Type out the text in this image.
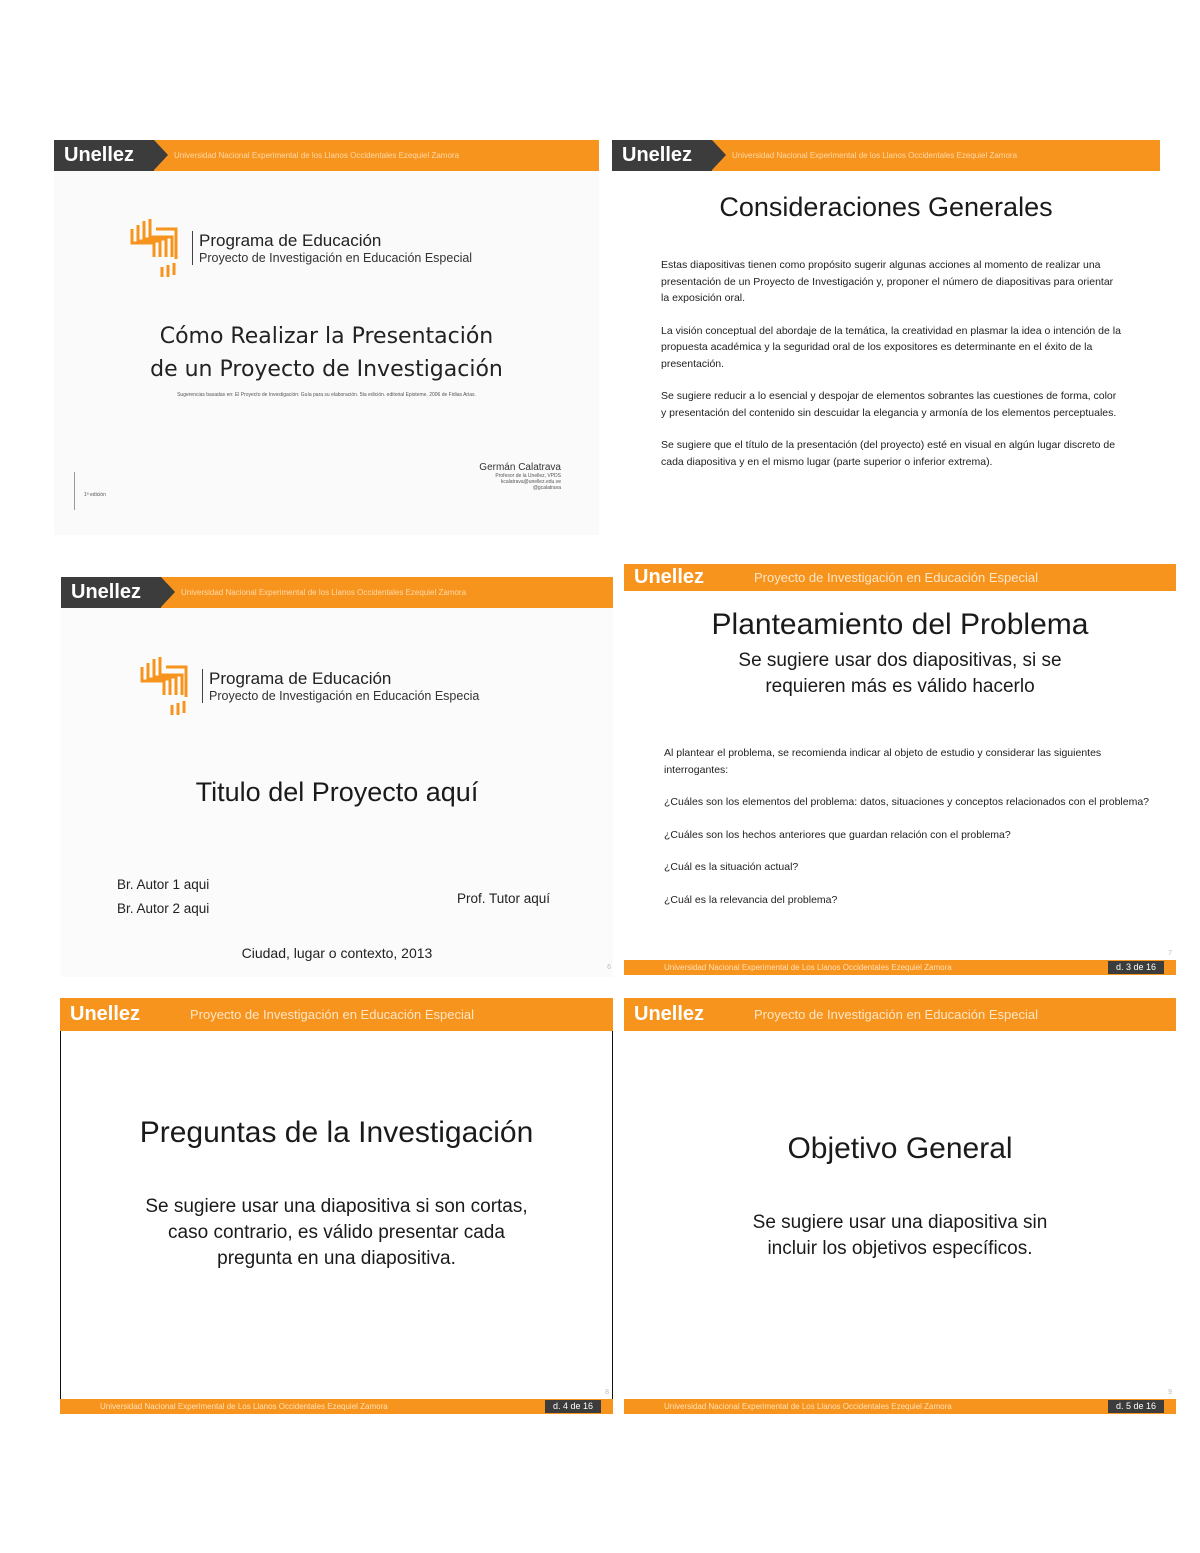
Unellez	Universidad Nacional Experimental de los Llanos Occidentales Ezequiel Zamora
Programa de Educación
Proyecto de Investigación en Educación Especial
Cómo Realizar la Presentación
de un Proyecto de Investigación
Sugerencias basadas en: El Proyecto de Investigación: Guía para su elaboración. 5ta edición. editorial Episteme. 2006 de Fidias Arias.
1ª edición
Germán Calatrava
Profesor de la Unellez, VPDS
kcalatrava@unellez.edu.ve
@gcalatrava
Unellez	Universidad Nacional Experimental de los Llanos Occidentales Ezequiel Zamora
Consideraciones Generales

Estas diapositivas tienen como propósito sugerir algunas acciones al momento de realizar una presentación de un Proyecto de Investigación y, proponer el número de diapositivas para orientar la exposición oral.

La visión conceptual del abordaje de la temática, la creatividad en plasmar la idea o intención de la propuesta académica y la seguridad oral de los expositores es determinante en el éxito de la presentación.

Se sugiere reducir a lo esencial y despojar de elementos sobrantes las cuestiones de forma, color y presentación del contenido sin descuidar la elegancia y armonía de los elementos perceptuales.

Se sugiere que el título de la presentación (del proyecto) esté en visual en algún lugar discreto de cada diapositiva y en el mismo lugar (parte superior o inferior extrema).

Unellez	Universidad Nacional Experimental de los Llanos Occidentales Ezequiel Zamora
Programa de Educación
Proyecto de Investigación en Educación Especia
Titulo del Proyecto aquí
Br. Autor 1 aqui
Br. Autor 2 aqui
Prof. Tutor aquí
Ciudad, lugar o contexto, 2013
6
Unellez	Proyecto de Investigación en Educación Especial
Planteamiento del Problema
Se sugiere usar dos diapositivas, si se
requieren más es válido hacerlo

Al plantear el problema, se recomienda indicar al objeto de estudio y considerar las siguientes interrogantes:

¿Cuáles son los elementos del problema: datos, situaciones y conceptos relacionados con el problema?

¿Cuáles son los hechos anteriores que guardan relación con el problema?

¿Cuál es la situación actual?

¿Cuál es la relevancia del problema?

7
Universidad Nacional Experimental de Los Llanos Occidentales Ezequiel Zamora	d. 3 de 16
Unellez	Proyecto de Investigación en Educación Especial
Preguntas de la Investigación
Se sugiere usar una diapositiva si son cortas,
caso contrario, es válido presentar cada
pregunta en una diapositiva.
8
Universidad Nacional Experimental de Los Llanos Occidentales Ezequiel Zamora	d. 4 de 16
Unellez	Proyecto de Investigación en Educación Especial
Objetivo General
Se sugiere usar una diapositiva sin
incluir los objetivos específicos.
9
Universidad Nacional Experimental de Los Llanos Occidentales Ezequiel Zamora	d. 5 de 16
